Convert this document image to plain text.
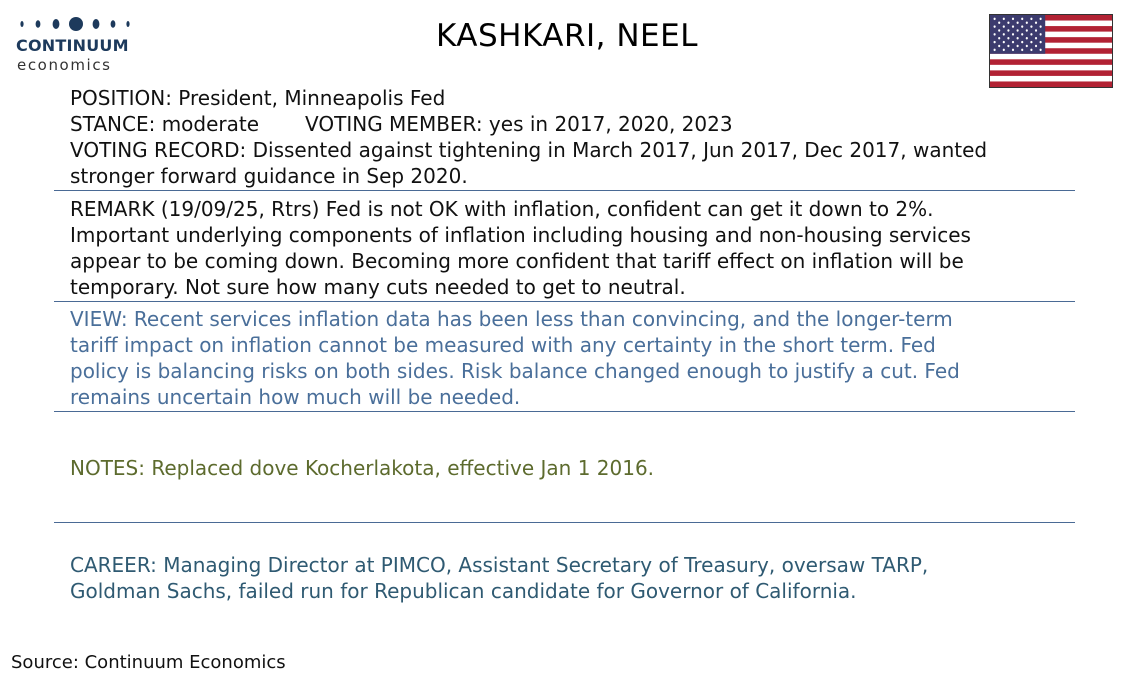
CONTINUUM
economics
KASHKARI, NEEL
POSITION: President, Minneapolis Fed
STANCE: moderate VOTING MEMBER: yes in 2017, 2020, 2023
VOTING RECORD: Dissented against tightening in March 2017, Jun 2017, Dec 2017, wanted
stronger forward guidance in Sep 2020.
REMARK (19/09/25, Rtrs) Fed is not OK with inflation, confident can get it down to 2%.
Important underlying components of inflation including housing and non-housing services
appear to be coming down. Becoming more confident that tariff effect on inflation will be
temporary. Not sure how many cuts needed to get to neutral.
VIEW: Recent services inflation data has been less than convincing, and the longer-term
tariff impact on inflation cannot be measured with any certainty in the short term. Fed
policy is balancing risks on both sides. Risk balance changed enough to justify a cut. Fed
remains uncertain how much will be needed.
NOTES: Replaced dove Kocherlakota, effective Jan 1 2016.
CAREER: Managing Director at PIMCO, Assistant Secretary of Treasury, oversaw TARP,
Goldman Sachs, failed run for Republican candidate for Governor of California.
Source: Continuum Economics
